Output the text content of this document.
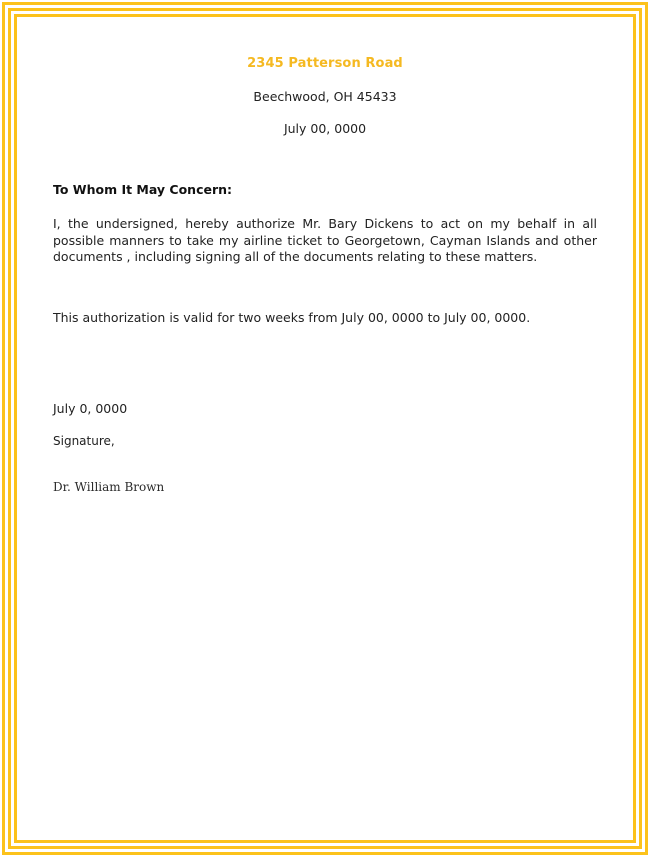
2345 Patterson Road

Beechwood, OH 45433

July 00, 0000

To Whom It May Concern:

I, the undersigned, hereby authorize Mr. Bary Dickens to act on my behalf in all possible manners to take my airline ticket to Georgetown, Cayman Islands and other documents , including signing all of the documents relating to these matters.

This authorization is valid for two weeks from July 00, 0000 to July 00, 0000.

July 0, 0000

Signature,

Dr. William Brown
